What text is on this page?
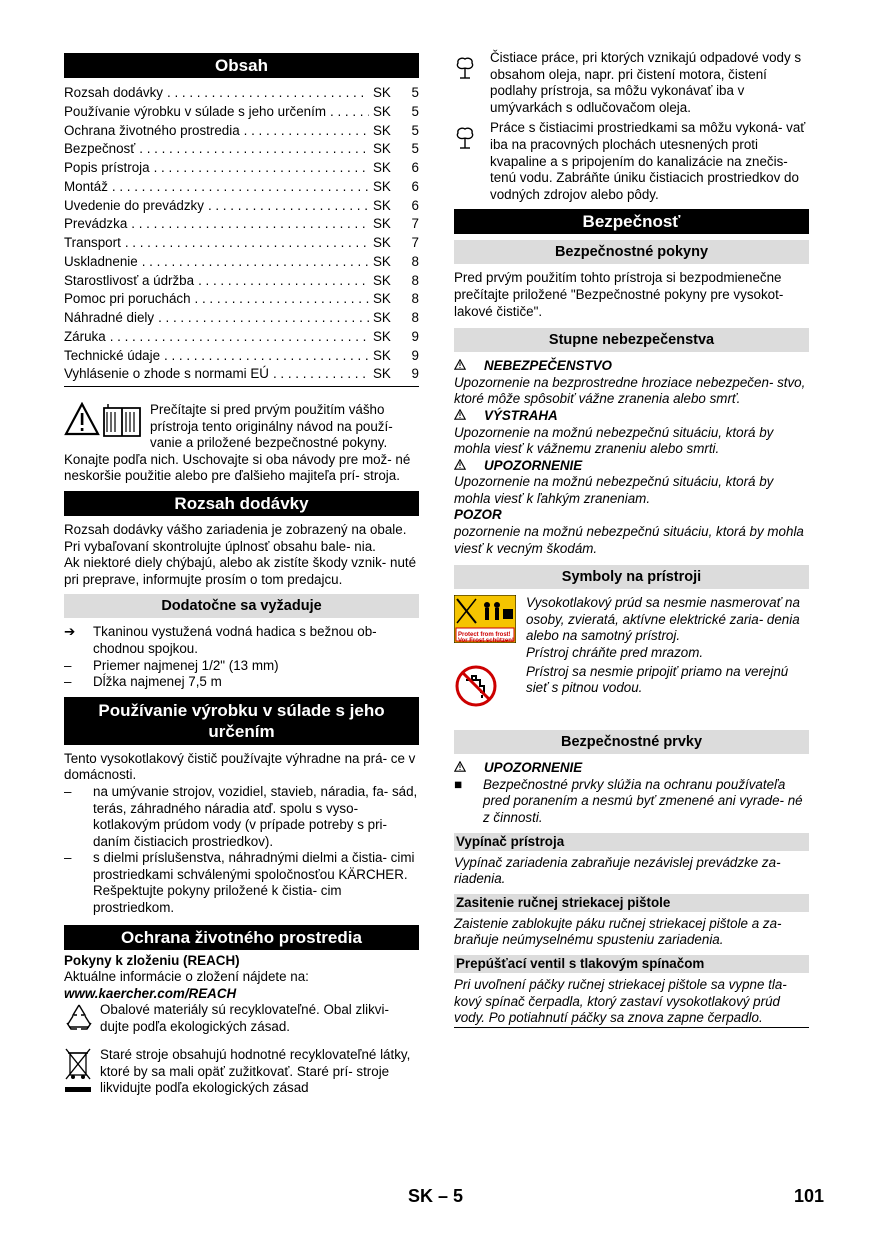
Obsah
Rozsah dodávky . . .	SK	5
Používanie výrobku v súlade s jeho určením . . .	SK	5
Ochrana životného prostredia . . .	SK	5
Bezpečnosť . . .	SK	5
Popis prístroja . . .	SK	6
Montáž . . .	SK	6
Uvedenie do prevádzky . . .	SK	6
Prevádzka . . .	SK	7
Transport . . .	SK	7
Uskladnenie . . .	SK	8
Starostlivosť a údržba . . .	SK	8
Pomoc pri poruchách . . .	SK	8
Náhradné diely . . .	SK	8
Záruka . . .	SK	9
Technické údaje . . .	SK	9
Vyhlásenie o zhode s normami EÚ . . .	SK	9

Prečítajte si pred prvým použitím vášho prístroja tento originálny návod na použí- vanie a priložené bezpečnostné pokyny.

Konajte podľa nich. Uschovajte si oba návody pre mož- né neskoršie použitie alebo pre ďalšieho majiteľa prí- stroja.

Rozsah dodávky

Rozsah dodávky vášho zariadenia je zobrazený na obale. Pri vybaľovaní skontrolujte úplnosť obsahu bale- nia.

Ak niektoré diely chýbajú, alebo ak zistíte škody vznik- nuté pri preprave, informujte prosím o tom predajcu.

Dodatočne sa vyžaduje
➔	Tkaninou vystužená vodná hadica s bežnou ob- chodnou spojkou.

–	Priemer najmenej 1/2" (13 mm)

–	Dĺžka najmenej 7,5 m

Používanie výrobku v súlade s jeho určením

Tento vysokotlakový čistič používajte výhradne na prá- ce v domácnosti.

–	na umývanie strojov, vozidiel, stavieb, náradia, fa- sád, terás, záhradného náradia atď. spolu s vyso- kotlakovým prúdom vody (v prípade potreby s pri- daním čistiacich prostriedkov).

–	s dielmi príslušenstva, náhradnými dielmi a čistia- cimi prostriedkami schválenými spoločnosťou KÄRCHER. Rešpektujte pokyny priložené k čistia- cim prostriedkom.

Ochrana životného prostredia

Pokyny k zloženiu (REACH)

Aktuálne informácie o zložení nájdete na:

www.kaercher.com/REACH

Obalové materiály sú recyklovateľné. Obal zlikvi- dujte podľa ekologických zásad.

Staré stroje obsahujú hodnotné recyklovateľné látky, ktoré by sa mali opäť zužitkovať. Staré prí- stroje likvidujte podľa ekologických zásad

Čistiace práce, pri ktorých vznikajú odpadové vody s obsahom oleja, napr. pri čistení motora, čistení podlahy prístroja, sa môžu vykonávať iba v umývarkách s odlučovačom oleja.

Práce s čistiacimi prostriedkami sa môžu vykoná- vať iba na pracovných plochách utesnených proti kvapaline a s pripojením do kanalizácie na znečis- tenú vodu. Zabráňte úniku čistiacich prostriedkov do vodných zdrojov alebo pôdy.

Bezpečnosť
Bezpečnostné pokyny

Pred prvým použitím tohto prístroja si bezpodmienečne prečítajte priložené "Bezpečnostné pokyny pre vysokot- lakové čističe".

Stupne nebezpečenstva
NEBEZPEČENSTVO

Upozornenie na bezprostredne hroziace nebezpečen- stvo, ktoré môže spôsobiť vážne zranenia alebo smrť.

VÝSTRAHA

Upozornenie na možnú nebezpečnú situáciu, ktorá by mohla viesť k vážnemu zraneniu alebo smrti.

UPOZORNENIE

Upozornenie na možnú nebezpečnú situáciu, ktorá by mohla viesť k ľahkým zraneniam.

POZOR

pozornenie na možnú nebezpečnú situáciu, ktorá by mohla viesť k vecným škodám.

Symboly na prístroji
Protect from frost!
Vor Frost schützen!

Vysokotlakový prúd sa nesmie nasmerovať na osoby, zvieratá, aktívne elektrické zaria- denia alebo na samotný prístroj.

Prístroj chráňte pred mrazom.

Prístroj sa nesmie pripojiť priamo na verejnú sieť s pitnou vodou.

Bezpečnostné prvky
UPOZORNENIE
■	Bezpečnostné prvky slúžia na ochranu používateľa pred poranením a nesmú byť zmenené ani vyrade- né z činnosti.

Vypínač prístroja

Vypínač zariadenia zabraňuje nezávislej prevádzke za- riadenia.

Zasitenie ručnej striekacej pištole

Zaistenie zablokujte páku ručnej striekacej pištole a za- braňuje neúmyselnému spusteniu zariadenia.

Prepúšťací ventil s tlakovým spínačom

Pri uvoľnení páčky ručnej striekacej pištole sa vypne tla- kový spínač čerpadla, ktorý zastaví vysokotlakový prúd vody. Po potiahnutí páčky sa znova zapne čerpadlo.

SK – 5	101
